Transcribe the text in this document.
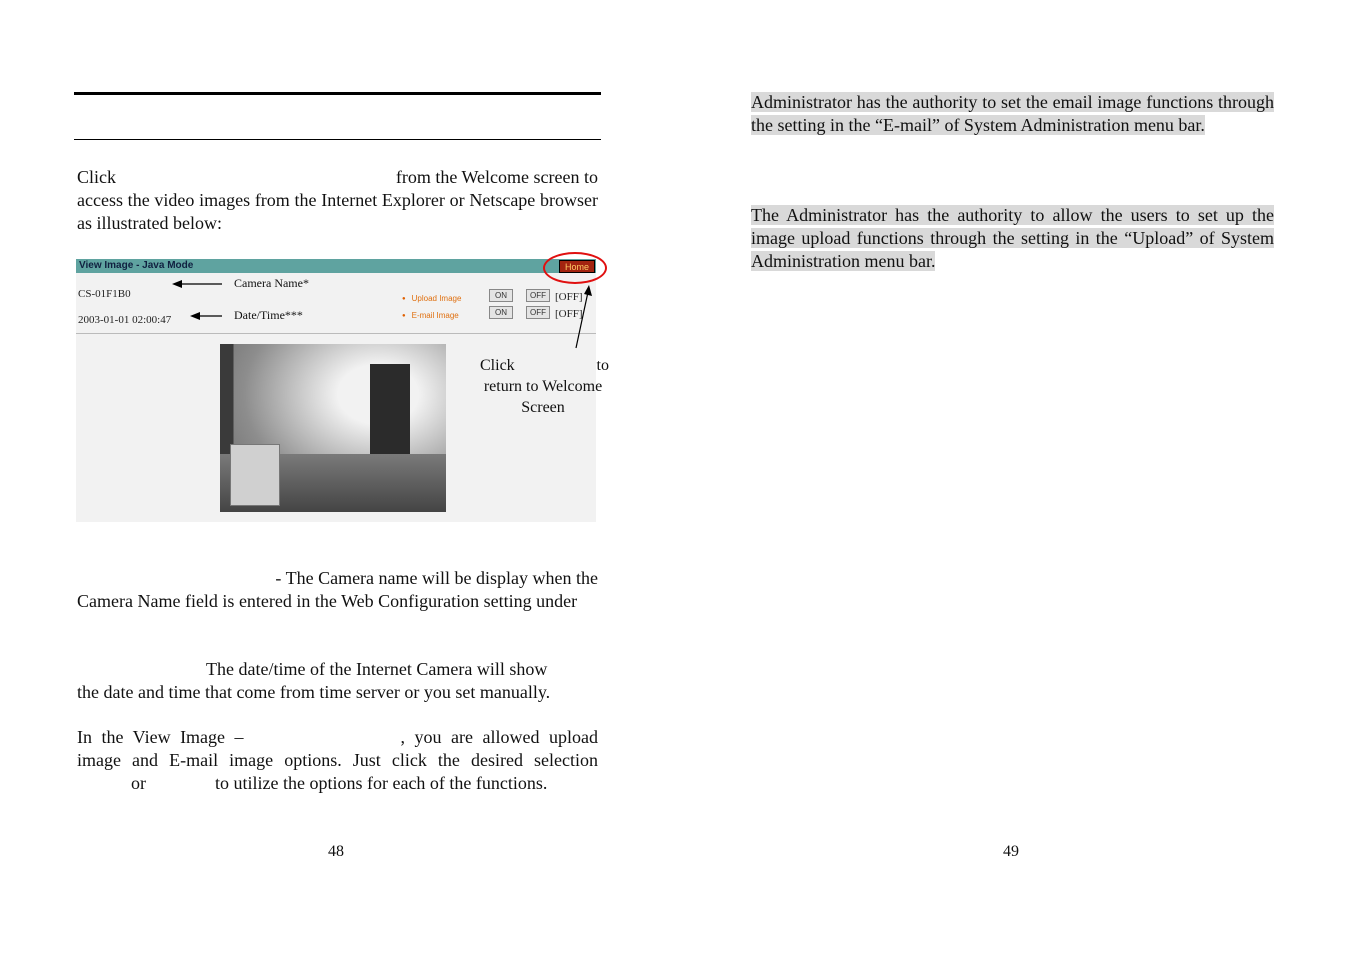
Click	from the Welcome screen to

access the video images from the Internet Explorer or Netscape browser as illustrated below:

View Image - Java Mode	Home
CS-01F1B0
2003-01-01 02:00:47
● Upload Image
● E-mail Image
ON	OFF [OFF]
ON	OFF [OFF]
Camera Name*
Date/Time***
Click	to
return to Welcome
Screen

- The Camera name will be display when the

Camera Name field is entered in the Web Configuration setting under

The date/time of the Internet Camera will show

the date and time that come from time server or you set manually.

In the View Image –	, you are allowed upload

image and E-mail image options. Just click the desired selection

or	to utilize the options for each of the functions.

48

Administrator has the authority to set the email image functions through the setting in the “E-mail” of System Administration menu bar.

The Administrator has the authority to allow the users to set up the image upload functions through the setting in the “Upload” of System Administration menu bar.

49
